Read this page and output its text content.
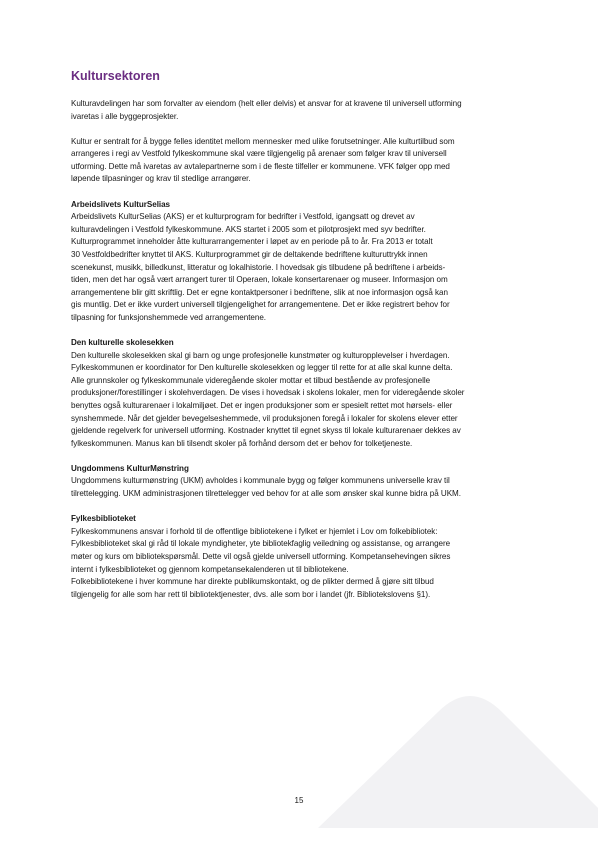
Kultursektoren

Kulturavdelingen har som forvalter av eiendom (helt eller delvis) et ansvar for at kravene til universell utforming
ivaretas i alle byggeprosjekter.

Kultur er sentralt for å bygge felles identitet mellom mennesker med ulike forutsetninger. Alle kulturtilbud som
arrangeres i regi av Vestfold fylkeskommune skal være tilgjengelig på arenaer som følger krav til universell
utforming. Dette må ivaretas av avtalepartnerne som i de fleste tilfeller er kommunene. VFK følger opp med
løpende tilpasninger og krav til stedlige arrangører.

Arbeidslivets KulturSelias

Arbeidslivets KulturSelias (AKS) er et kulturprogram for bedrifter i Vestfold, igangsatt og drevet av
kulturavdelingen i Vestfold fylkeskommune. AKS startet i 2005 som et pilotprosjekt med syv bedrifter.
Kulturprogrammet inneholder åtte kulturarrangementer i løpet av en periode på to år. Fra 2013 er totalt
30 Vestfoldbedrifter knyttet til AKS. Kulturprogrammet gir de deltakende bedriftene kulturuttrykk innen
scenekunst, musikk, billedkunst, litteratur og lokalhistorie. I hovedsak gis tilbudene på bedriftene i arbeids-
tiden, men det har også vært arrangert turer til Operaen, lokale konsertarenaer og museer. Informasjon om
arrangementene blir gitt skriftlig. Det er egne kontaktpersoner i bedriftene, slik at noe informasjon også kan
gis muntlig. Det er ikke vurdert universell tilgjengelighet for arrangementene. Det er ikke registrert behov for
tilpasning for funksjonshemmede ved arrangementene.

Den kulturelle skolesekken

Den kulturelle skolesekken skal gi barn og unge profesjonelle kunstmøter og kulturopplevelser i hverdagen.
Fylkeskommunen er koordinator for Den kulturelle skolesekken og legger til rette for at alle skal kunne delta.
Alle grunnskoler og fylkeskommunale videregående skoler mottar et tilbud bestående av profesjonelle
produksjoner/forestillinger i skolehverdagen. De vises i hovedsak i skolens lokaler, men for videregående skoler
benyttes også kulturarenaer i lokalmiljøet. Det er ingen produksjoner som er spesielt rettet mot hørsels- eller
synshemmede. Når det gjelder bevegelseshemmede, vil produksjonen foregå i lokaler for skolens elever etter
gjeldende regelverk for universell utforming. Kostnader knyttet til egnet skyss til lokale kulturarenaer dekkes av
fylkeskommunen. Manus kan bli tilsendt skoler på forhånd dersom det er behov for tolketjeneste.

Ungdommens KulturMønstring

Ungdommens kulturmønstring (UKM) avholdes i kommunale bygg og følger kommunens universelle krav til
tilrettelegging. UKM administrasjonen tilrettelegger ved behov for at alle som ønsker skal kunne bidra på UKM.

Fylkesbiblioteket

Fylkeskommunens ansvar i forhold til de offentlige bibliotekene i fylket er hjemlet i Lov om folkebibliotek:
Fylkesbiblioteket skal gi råd til lokale myndigheter, yte bibliotekfaglig veiledning og assistanse, og arrangere
møter og kurs om bibliotekspørsmål. Dette vil også gjelde universell utforming. Kompetansehevingen sikres
internt i fylkesbiblioteket og gjennom kompetansekalenderen ut til bibliotekene.
Folkebibliotekene i hver kommune har direkte publikumskontakt, og de plikter dermed å gjøre sitt tilbud
tilgjengelig for alle som har rett til bibliotektjenester, dvs. alle som bor i landet (jfr. Bibliotekslovens §1).

15
